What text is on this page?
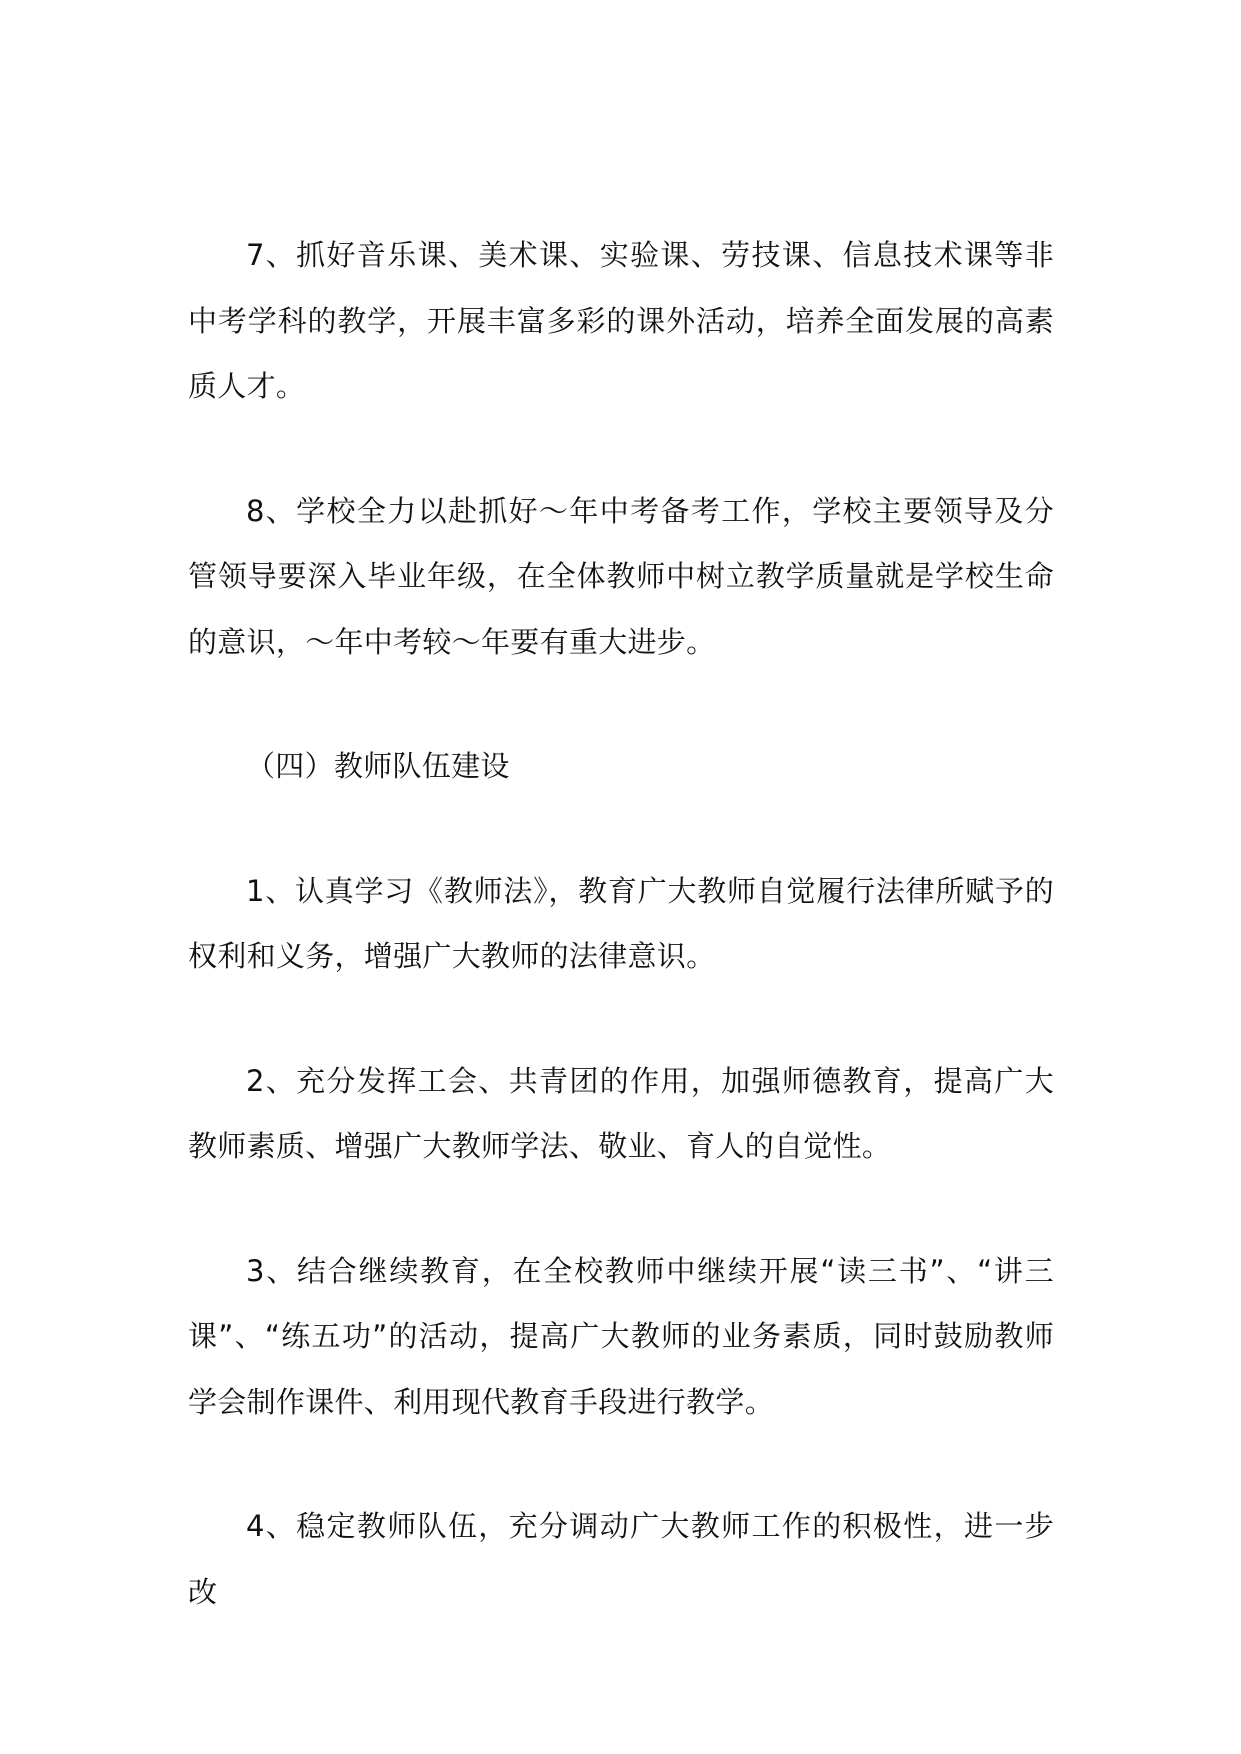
7、抓好音乐课、美术课、实验课、劳技课、信息技术课等非中考学科的教学，开展丰富多彩的课外活动，培养全面发展的高素质人才。

8、学校全力以赴抓好～年中考备考工作，学校主要领导及分管领导要深入毕业年级，在全体教师中树立教学质量就是学校生命的意识，～年中考较～年要有重大进步。

（四）教师队伍建设

1、认真学习《教师法》，教育广大教师自觉履行法律所赋予的权利和义务，增强广大教师的法律意识。

2、充分发挥工会、共青团的作用，加强师德教育，提高广大教师素质、增强广大教师学法、敬业、育人的自觉性。

3、结合继续教育，在全校教师中继续开展“读三书”、“讲三课”、“练五功”的活动，提高广大教师的业务素质，同时鼓励教师学会制作课件、利用现代教育手段进行教学。

4、稳定教师队伍，充分调动广大教师工作的积极性，进一步改
